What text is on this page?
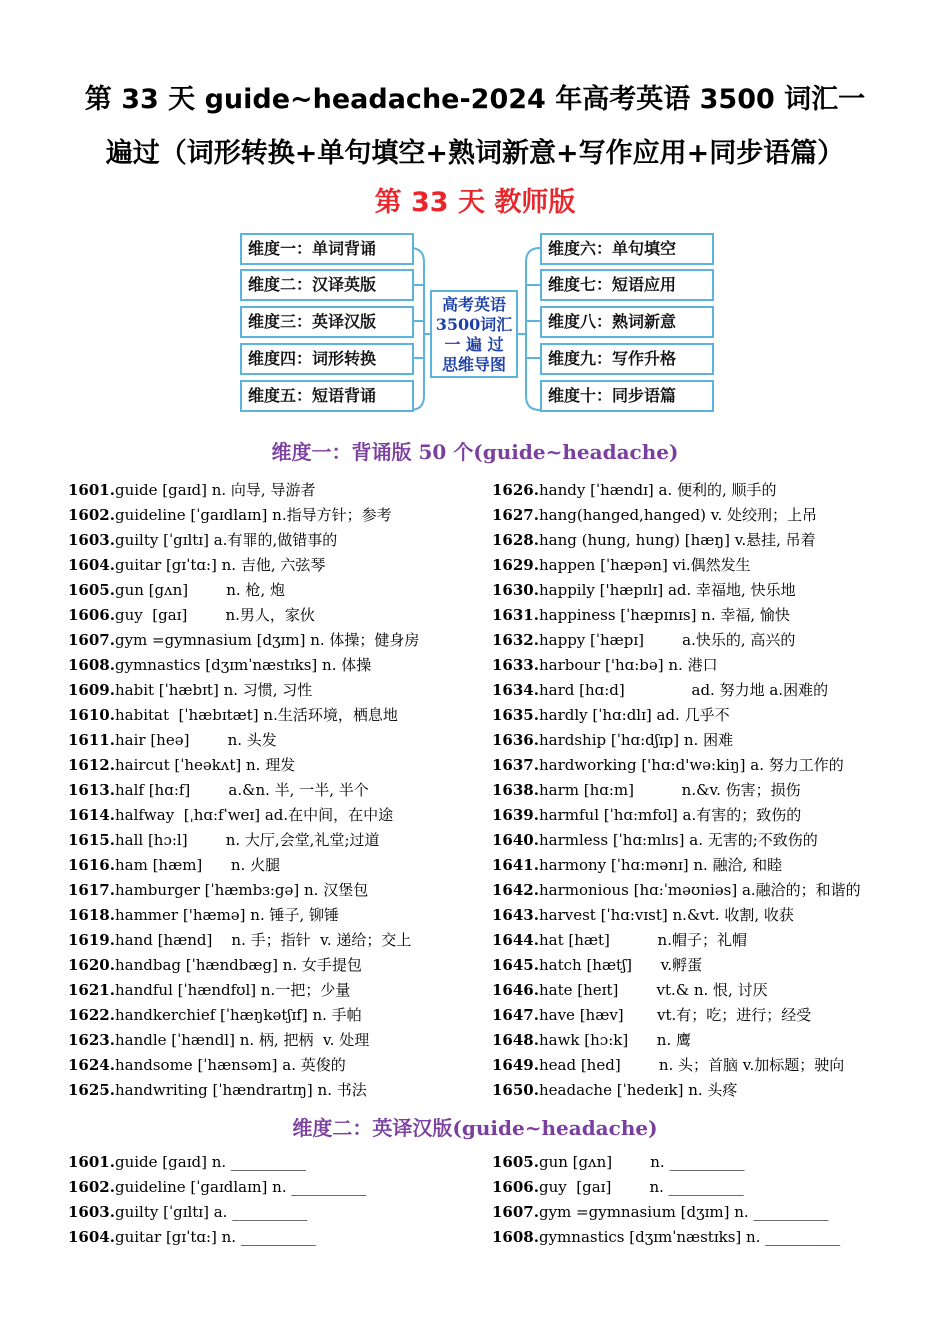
第 33 天 guide~headache-2024 年高考英语 3500 词汇一
遍过（词形转换+单句填空+熟词新意+写作应用+同步语篇）
第 33 天 教师版
维度一：单词背诵
维度二：汉译英版
维度三：英译汉版
维度四：词形转换
维度五：短语背诵
高考英语
3500词汇
一 遍 过
思维导图
维度六：单句填空
维度七：短语应用
维度八：熟词新意
维度九：写作升格
维度十：同步语篇
维度一：背诵版 50 个(guide~headache)
1601.guide [gaɪd] n. 向导, 导游者
1602.guideline [ˈgaɪdlaɪn] n.指导方针；参考
1603.guilty [ˈgɪltɪ] a.有罪的,做错事的
1604.guitar [gɪˈtɑ:] n. 吉他, 六弦琴
1605.gun [gʌn]        n. 枪, 炮
1606.guy  [gaɪ]        n.男人，家伙
1607.gym =gymnasium [dʒɪm] n. 体操；健身房
1608.gymnastics [dʒɪmˈnæstɪks] n. 体操
1609.habit [ˈhæbɪt] n. 习惯, 习性
1610.habitat  [ˈhæbɪtæt] n.生活环境，栖息地
1611.hair [heə]        n. 头发
1612.haircut [ˈheəkʌt] n. 理发
1613.half [hɑ:f]        a.&n. 半, 一半, 半个
1614.halfway  [ˌhɑ:fˈweɪ] ad.在中间，在中途
1615.hall [hɔ:l]        n. 大厅,会堂,礼堂;过道
1616.ham [hæm]      n. 火腿
1617.hamburger [ˈhæmbɜ:gə] n. 汉堡包
1618.hammer ['hæmə] n. 锤子, 铆锤
1619.hand [hænd]    n. 手；指针  v. 递给；交上
1620.handbag [ˈhændbæg] n. 女手提包
1621.handful [ˈhændfʊl] n.一把；少量
1622.handkerchief [ˈhæŋkətʃɪf] n. 手帕
1623.handle [ˈhændl] n. 柄, 把柄  v. 处理
1624.handsome [ˈhænsəm] a. 英俊的
1625.handwriting [ˈhændraɪtɪŋ] n. 书法
1626.handy [ˈhændɪ] a. 便利的, 顺手的
1627.hang(hanged,hanged) v. 处绞刑；上吊
1628.hang (hung, hung) [hæŋ] v.悬挂, 吊着
1629.happen [ˈhæpən] vi.偶然发生
1630.happily ['hæpɪlɪ] ad. 幸福地, 快乐地
1631.happiness [ˈhæpɪnɪs] n. 幸福, 愉快
1632.happy [ˈhæpɪ]        a.快乐的, 高兴的
1633.harbour ['hɑ:bə] n. 港口
1634.hard [hɑ:d]              ad. 努力地 a.困难的
1635.hardly [ˈhɑ:dlɪ] ad. 几乎不
1636.hardship [ˈhɑ:dʃɪp] n. 困难
1637.hardworking ['hɑ:d'wə:kiŋ] a. 努力工作的
1638.harm [hɑ:m]          n.&v. 伤害；损伤
1639.harmful [ˈhɑ:mfʊl] a.有害的；致伤的
1640.harmless [ˈhɑ:mlɪs] a. 无害的;不致伤的
1641.harmony [ˈhɑ:mənɪ] n. 融洽, 和睦
1642.harmonious [hɑ:ˈməʊniəs] a.融洽的；和谐的
1643.harvest [ˈhɑ:vɪst] n.&vt. 收割, 收获
1644.hat [hæt]          n.帽子；礼帽
1645.hatch [hætʃ]      v.孵蛋
1646.hate [heɪt]        vt.& n. 恨, 讨厌
1647.have [hæv]       vt.有；吃；进行；经受
1648.hawk [hɔ:k]      n. 鹰
1649.head [hed]        n. 头；首脑 v.加标题；驶向
1650.headache [ˈhedeɪk] n. 头疼
维度二：英译汉版(guide~headache)
1601.guide [gaɪd] n. __________
1602.guideline [ˈgaɪdlaɪn] n. __________
1603.guilty [ˈgɪltɪ] a. __________
1604.guitar [gɪˈtɑ:] n. __________
1605.gun [gʌn]        n. __________
1606.guy  [gaɪ]        n. __________
1607.gym =gymnasium [dʒɪm] n. __________
1608.gymnastics [dʒɪmˈnæstɪks] n. __________
